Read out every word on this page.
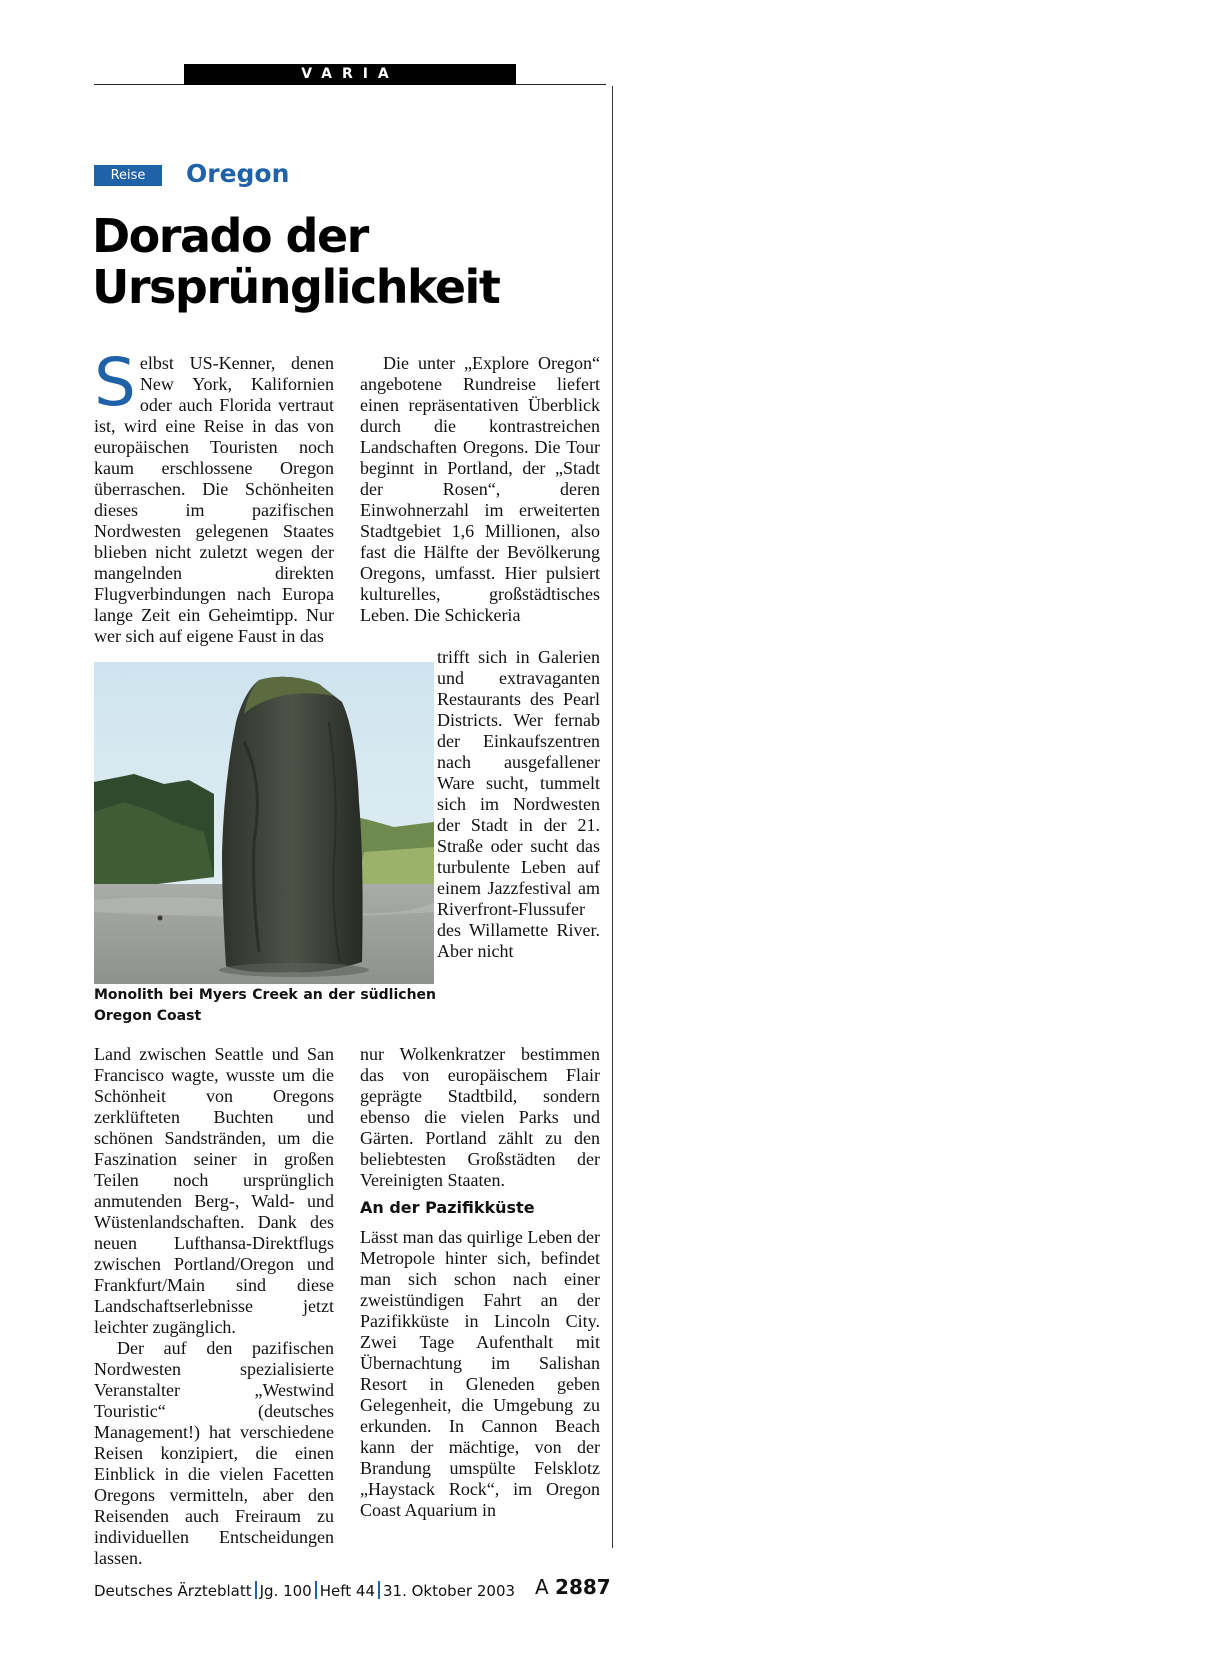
VARIA
Reise	Oregon
Dorado der
Ursprünglichkeit

Selbst US-Kenner, denen New York, Kalifornien oder auch Florida vertraut ist, wird eine Reise in das von europäischen Touristen noch kaum erschlossene Oregon überraschen. Die Schönheiten dieses im pazifischen Nordwesten gelegenen Staates blieben nicht zuletzt wegen der mangelnden direkten Flugverbindungen nach Europa lange Zeit ein Geheimtipp. Nur wer sich auf eigene Faust in das

Monolith bei Myers Creek an der südlichen Oregon Coast

Land zwischen Seattle und San Francisco wagte, wusste um die Schönheit von Oregons zerklüfteten Buchten und schönen Sandstränden, um die Faszination seiner in großen Teilen noch ursprünglich anmutenden Berg-, Wald- und Wüstenlandschaften. Dank des neuen Lufthansa-Direktflugs zwischen Portland/Oregon und Frankfurt/Main sind diese Landschaftserlebnisse jetzt leichter zugänglich.

Der auf den pazifischen Nordwesten spezialisierte Veranstalter „Westwind Touristic“ (deutsches Management!) hat verschiedene Reisen konzipiert, die einen Einblick in die vielen Facetten Oregons vermitteln, aber den Reisenden auch Freiraum zu individuellen Entscheidungen lassen.

Die unter „Explore Oregon“ angebotene Rundreise liefert einen repräsentativen Überblick durch die kontrastreichen Landschaften Oregons. Die Tour beginnt in Portland, der „Stadt der Rosen“, deren Einwohnerzahl im erweiterten Stadtgebiet 1,6 Millionen, also fast die Hälfte der Bevölkerung Oregons, umfasst. Hier pulsiert kulturelles, großstädtisches Leben. Die Schickeria

trifft sich in Galerien und extravaganten Restaurants des Pearl Districts. Wer fernab der Einkaufszentren nach ausgefallener Ware sucht, tummelt sich im Nordwesten der Stadt in der 21. Straße oder sucht das turbulente Leben auf einem Jazzfestival am Riverfront-Flussufer des Willamette River. Aber nicht

nur Wolkenkratzer bestimmen das von europäischem Flair geprägte Stadtbild, sondern ebenso die vielen Parks und Gärten. Portland zählt zu den beliebtesten Großstädten der Vereinigten Staaten.

An der Pazifikküste

Lässt man das quirlige Leben der Metropole hinter sich, befindet man sich schon nach einer zweistündigen Fahrt an der Pazifikküste in Lincoln City. Zwei Tage Aufenthalt mit Übernachtung im Salishan Resort in Gleneden geben Gelegenheit, die Umgebung zu erkunden. In Cannon Beach kann der mächtige, von der Brandung umspülte Felsklotz „Haystack Rock“, im Oregon Coast Aquarium in

Deutsches Ärzteblatt Jg. 100 Heft 44 31. Oktober 2003 A 2887
